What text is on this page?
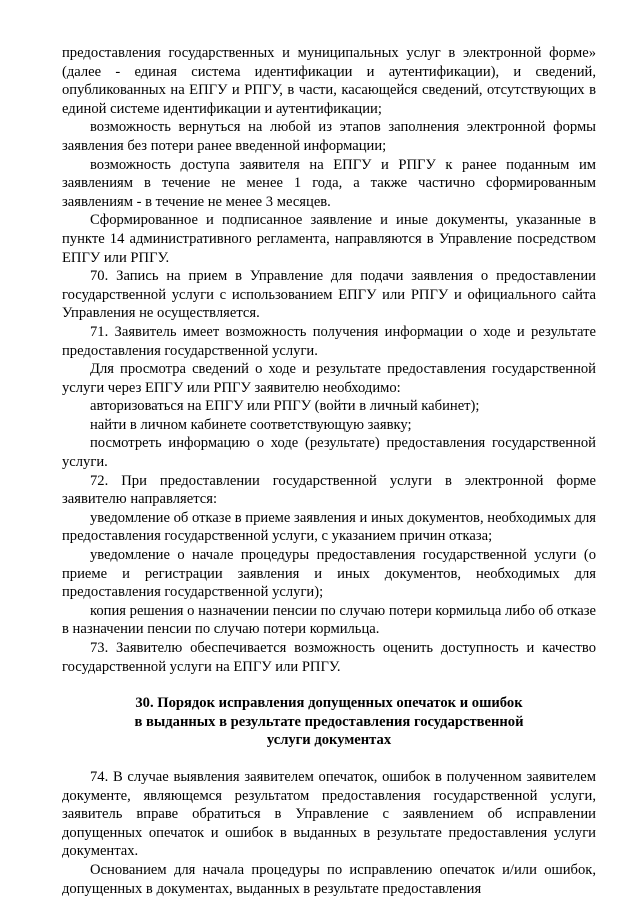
предоставления государственных и муниципальных услуг в электронной форме» (далее - единая система идентификации и аутентификации), и сведений, опубликованных на ЕПГУ и РПГУ, в части, касающейся сведений, отсутствующих в единой системе идентификации и аутентификации;

возможность вернуться на любой из этапов заполнения электронной формы заявления без потери ранее введенной информации;

возможность доступа заявителя на ЕПГУ и РПГУ к ранее поданным им заявлениям в течение не менее 1 года, а также частично сформированным заявлениям - в течение не менее 3 месяцев.

Сформированное и подписанное заявление и иные документы, указанные в пункте 14 административного регламента, направляются в Управление посредством ЕПГУ или РПГУ.

70. Запись на прием в Управление для подачи заявления о предоставлении государственной услуги с использованием ЕПГУ или РПГУ и официального сайта Управления не осуществляется.

71. Заявитель имеет возможность получения информации о ходе и результате предоставления государственной услуги.

Для просмотра сведений о ходе и результате предоставления государственной услуги через ЕПГУ или РПГУ заявителю необходимо:

авторизоваться на ЕПГУ или РПГУ (войти в личный кабинет);

найти в личном кабинете соответствующую заявку;

посмотреть информацию о ходе (результате) предоставления государственной услуги.

72. При предоставлении государственной услуги в электронной форме заявителю направляется:

уведомление об отказе в приеме заявления и иных документов, необходимых для предоставления государственной услуги, с указанием причин отказа;

уведомление о начале процедуры предоставления государственной услуги (о приеме и регистрации заявления и иных документов, необходимых для предоставления государственной услуги);

копия решения о назначении пенсии по случаю потери кормильца либо об отказе в назначении пенсии по случаю потери кормильца.

73. Заявителю обеспечивается возможность оценить доступность и качество государственной услуги на ЕПГУ или РПГУ.

30. Порядок исправления допущенных опечаток и ошибок
в выданных в результате предоставления государственной
услуги документах

74. В случае выявления заявителем опечаток, ошибок в полученном заявителем документе, являющемся результатом предоставления государственной услуги, заявитель вправе обратиться в Управление с заявлением об исправлении допущенных опечаток и ошибок в выданных в результате предоставления услуги документах.

Основанием для начала процедуры по исправлению опечаток и/или ошибок, допущенных в документах, выданных в результате предоставления
